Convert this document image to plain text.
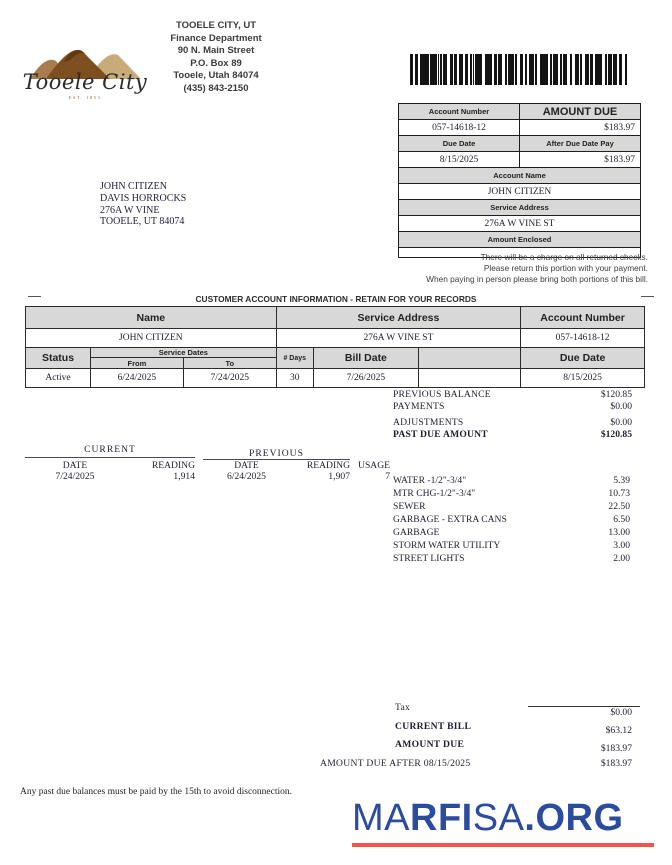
Tooele City
EST. 1853
TOOELE CITY, UT
Finance Department
90 N. Main Street
P.O. Box 89
Tooele, Utah 84074
(435) 843-2150
Account Number	AMOUNT DUE
057-14618-12	$183.97
Due Date	After Due Date Pay
8/15/2025	$183.97
Account Name	
JOHN CITIZEN	
Service Address	
276A W VINE ST	
Amount Enclosed	

JOHN CITIZEN
DAVIS HORROCKS
276A W VINE
TOOELE, UT 84074
There will be a charge on all returned checks.
Please return this portion with your payment.
When paying in person please bring both portions of this bill.
CUSTOMER ACCOUNT INFORMATION - RETAIN FOR YOUR RECORDS
Name			Service Address			Account Number
JOHN CITIZEN			276A W VINE ST			057-14618-12
Status	Service Dates		# Days	Bill Date		Due Date
	From	To				
Active	6/24/2025	7/24/2025	30	7/26/2025		8/15/2025
PREVIOUS BALANCE	$120.85
PAYMENTS	$0.00
ADJUSTMENTS	$0.00
PAST DUE AMOUNT	$120.85
CURRENT	PREVIOUS
DATE	READING	DATE	READING USAGE
7/24/2025	1,914	6/24/2025	1,907	7 WATER -1/2"-3/4"	5.39
MTR CHG-1/2"-3/4"	10.73
SEWER	22.50
GARBAGE - EXTRA CANS	6.50
GARBAGE	13.00
STORM WATER UTILITY	3.00
STREET LIGHTS	2.00
Tax	$0.00
CURRENT BILL	$63.12
AMOUNT DUE	$183.97
AMOUNT DUE AFTER 08/15/2025	$183.97
Any past due balances must be paid by the 15th to avoid disconnection.
MARFISA.ORG
